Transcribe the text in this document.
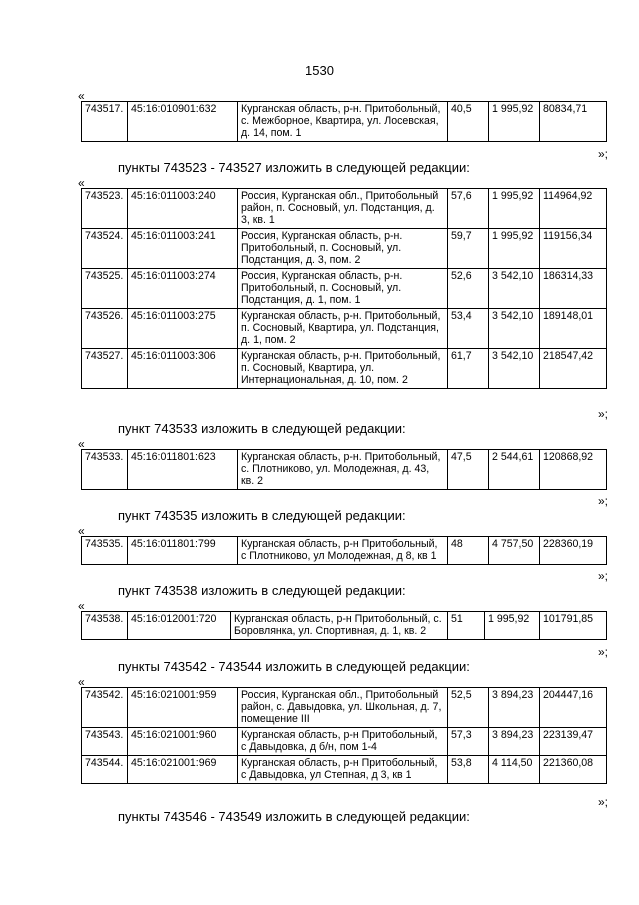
1530
«
743517.	45:16:010901:632	Курганская область, р-н. Притобольный, с. Межборное, Квартира, ул. Лосевская, д. 14, пом. 1	40,5	1 995,92	80834,71
»;
пункты 743523 - 743527 изложить в следующей редакции:
«
743523.	45:16:011003:240	Россия, Курганская обл., Притобольный район, п. Сосновый, ул. Подстанция, д. 3, кв. 1	57,6	1 995,92	114964,92
743524.	45:16:011003:241	Россия, Курганская область, р-н. Притобольный, п. Сосновый, ул. Подстанция, д. 3, пом. 2	59,7	1 995,92	119156,34
743525.	45:16:011003:274	Россия, Курганская область, р-н. Притобольный, п. Сосновый, ул. Подстанция, д. 1, пом. 1	52,6	3 542,10	186314,33
743526.	45:16:011003:275	Курганская область, р-н. Притобольный, п. Сосновый, Квартира, ул. Подстанция, д. 1, пом. 2	53,4	3 542,10	189148,01
743527.	45:16:011003:306	Курганская область, р-н. Притобольный, п. Сосновый, Квартира, ул. Интернациональная, д. 10, пом. 2	61,7	3 542,10	218547,42
»;
пункт 743533 изложить в следующей редакции:
«
743533.	45:16:011801:623	Курганская область, р-н. Притобольный, с. Плотниково, ул. Молодежная, д. 43, кв. 2	47,5	2 544,61	120868,92
»;
пункт 743535 изложить в следующей редакции:
«
743535.	45:16:011801:799	Курганская область, р-н Притобольный, с Плотниково, ул Молодежная, д 8, кв 1	48	4 757,50	228360,19
»;
пункт 743538 изложить в следующей редакции:
«
743538.	45:16:012001:720	Курганская область, р-н Притобольный, с. Боровлянка, ул. Спортивная, д. 1, кв. 2	51	1 995,92	101791,85
»;
пункты 743542 - 743544 изложить в следующей редакции:
«
743542.	45:16:021001:959	Россия, Курганская обл., Притобольный район, с. Давыдовка, ул. Школьная, д. 7, помещение III	52,5	3 894,23	204447,16
743543.	45:16:021001:960	Курганская область, р-н Притобольный, с Давыдовка, д б/н, пом 1-4	57,3	3 894,23	223139,47
743544.	45:16:021001:969	Курганская область, р-н Притобольный, с Давыдовка, ул Степная, д 3, кв 1	53,8	4 114,50	221360,08
»;
пункты 743546 - 743549 изложить в следующей редакции:
